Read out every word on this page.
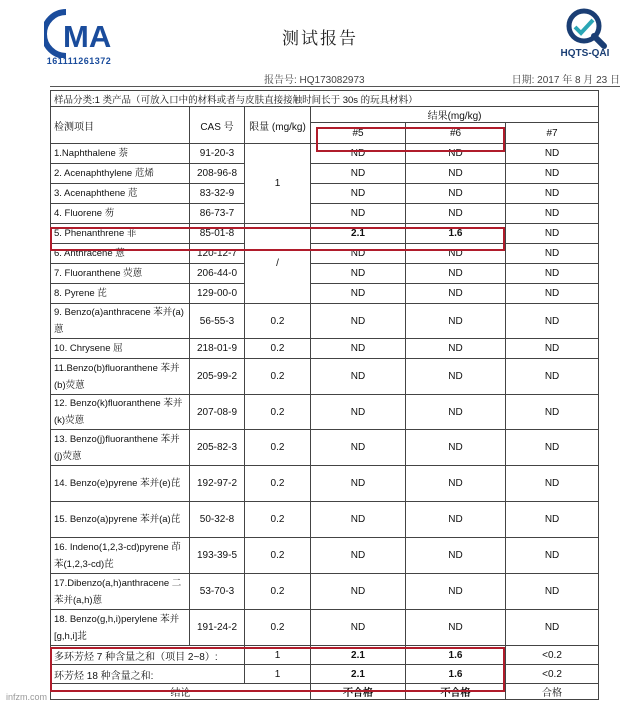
MA
161111261372
测试报告
HQTS-QAI
报告号: HQ173082973	日期: 2017 年 8 月 23 日
样品分类:1 类产品（可放入口中的材料或者与皮肤直接接触时间长于 30s 的玩具材料）					
检测项目	CAS 号	限量 (mg/kg)	结果(mg/kg)		
			#5	#6	#7
1.Naphthalene 萘	91-20-3	1	ND	ND	ND
2. Acenaphthylene 苊烯	208-96-8		ND	ND	ND
3. Acenaphthene 苊	83-32-9		ND	ND	ND
4. Fluorene 芴	86-73-7		ND	ND	ND
5. Phenanthrene 菲	85-01-8	/	2.1	1.6	ND
6. Anthracene 蒽	120-12-7		ND	ND	ND
7. Fluoranthene 荧蒽	206-44-0		ND	ND	ND
8. Pyrene 芘	129-00-0		ND	ND	ND
9. Benzo(a)anthracene 苯并(a)蒽	56-55-3	0.2	ND	ND	ND
10. Chrysene 屈	218-01-9	0.2	ND	ND	ND
11.Benzo(b)fluoranthene 苯并(b)荧蒽	205-99-2	0.2	ND	ND	ND
12. Benzo(k)fluoranthene 苯并(k)荧蒽	207-08-9	0.2	ND	ND	ND
13. Benzo(j)fluoranthene 苯并(j)荧蒽	205-82-3	0.2	ND	ND	ND
14. Benzo(e)pyrene 苯并(e)芘	192-97-2	0.2	ND	ND	ND
15. Benzo(a)pyrene 苯并(a)芘	50-32-8	0.2	ND	ND	ND
16. Indeno(1,2,3-cd)pyrene 茚苯(1,2,3-cd)芘	193-39-5	0.2	ND	ND	ND
17.Dibenzo(a,h)anthracene 二苯并(a,h)蒽	53-70-3	0.2	ND	ND	ND
18. Benzo(g,h,i)perylene 苯并[g,h,i]苝	191-24-2	0.2	ND	ND	ND
多环芳烃 7 种含量之和（项目 2~8）:		1	2.1	1.6	<0.2
环芳烃 18 种含量之和:		1	2.1	1.6	<0.2
结论			不合格	不合格	合格
infzm.com
